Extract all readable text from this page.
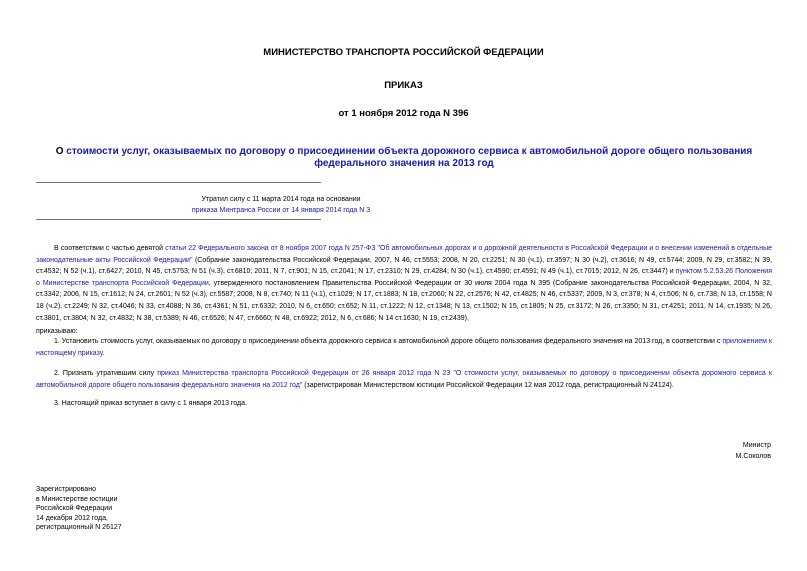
МИНИСТЕРСТВО ТРАНСПОРТА РОССИЙСКОЙ ФЕДЕРАЦИИ
ПРИКАЗ
от 1 ноября 2012 года N 396
О стоимости услуг, оказываемых по договору о присоединении объекта дорожного сервиса к автомобильной дороге общего пользования федерального значения на 2013 год
Утратил силу с 11 марта 2014 года на основании
приказа Минтранса России от 14 января 2014 года N 3
В соответствии с частью девятой статьи 22 Федерального закона от 8 ноября 2007 года N 257-ФЗ "Об автомобильных дорогах и о дорожной деятельности в Российской Федерации и о внесении изменений в отдельные законодательные акты Российской Федерации" (Собрание законодательства Российской Федерации, 2007, N 46, ст.5553; 2008, N 20, ст.2251; N 30 (ч.1), ст.3597; N 30 (ч.2), ст.3616; N 49, ст.5744; 2009, N 29, ст.3582; N 39, ст.4532; N 52 (ч.1), ст.6427; 2010, N 45, ст.5753; N 51 (ч.3), ст.6810; 2011, N 7, ст.901; N 15, ст.2041; N 17, ст.2310; N 29, ст.4284; N 30 (ч.1), ст.4590; ст.4591; N 49 (ч.1), ст.7015; 2012, N 26, ст.3447) и пунктом 5.2.53.26 Положения о Министерстве транспорта Российской Федерации, утвержденного постановлением Правительства Российской Федерации от 30 июля 2004 года N 395 (Собрание законодательства Российской Федерации, 2004, N 32, ст.3342; 2006, N 15, ст.1612; N 24, ст.2601; N 52 (ч.3), ст.5587; 2008, N 8, ст.740; N 11 (ч.1), ст.1029; N 17, ст.1883; N 18, ст.2060; N 22, ст.2576; N 42, ст.4825; N 46, ст.5337; 2009, N 3, ст.378; N 4, ст.506; N 6, ст.738; N 13, ст.1558; N 18 (ч.2), ст.2249; N 32, ст.4046; N 33, ст.4088; N 36, ст.4361; N 51, ст.6332; 2010, N 6, ст.650; ст.652; N 11, ст.1222; N 12, ст.1348; N 13, ст.1502; N 15, ст.1805; N 25, ст.3172; N 26, ст.3350; N 31, ст.4251; 2011, N 14, ст.1935; N 26, ст.3801, ст.3804; N 32, ст.4832; N 38, ст.5389; N 46, ст.6526; N 47, ст.6660; N 48, ст.6922; 2012, N 6, ст.686; N 14 ст.1630; N 19, ст.2439),
приказываю:
1. Установить стоимость услуг, оказываемых по договору о присоединении объекта дорожного сервиса к автомобильной дороге общего пользования федерального значения на 2013 год, в соответствии с приложением к настоящему приказу.
2. Признать утратившим силу приказ Министерства транспорта Российской Федерации от 26 января 2012 года N 23 "О стоимости услуг, оказываемых по договору о присоединении объекта дорожного сервиса к автомобильной дороге общего пользования федерального значения на 2012 год" (зарегистрирован Министерством юстиции Российской Федерации 12 мая 2012 года, регистрационный N 24124).
3. Настоящий приказ вступает в силу с 1 января 2013 года.
Министр
М.Соколов
Зарегистрировано
в Министерстве юстиции
Российской Федерации
14 декабря 2012 года,
регистрационный N 26127
